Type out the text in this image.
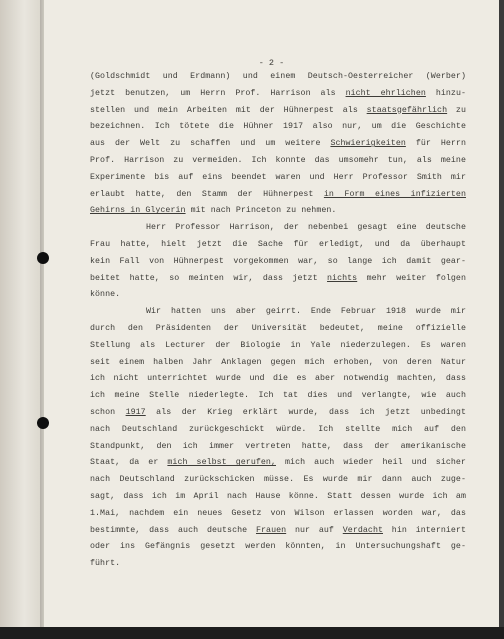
- 2 -
(Goldschmidt und Erdmann) und einem Deutsch-Oesterreicher (Werber)
jetzt benutzen, um Herrn Prof. Harrison als nicht ehrlichen hinzu-
stellen und mein Arbeiten mit der Hühnerpest als staatsgefährlich zu
bezeichnen. Ich tötete die Hühner 1917 also nur, um die Geschichte
aus der Welt zu schaffen und um weitere Schwierigkeiten für Herrn
Prof. Harrison zu vermeiden. Ich konnte das umsomehr tun, als meine
Experimente bis auf eins beendet waren und Herr Professor Smith mir
erlaubt hatte, den Stamm der Hühnerpest in Form eines infizierten
Gehirns in Glycerin mit nach Princeton zu nehmen.
Herr Professor Harrison, der nebenbei gesagt eine deutsche
Frau hatte, hielt jetzt die Sache für erledigt, und da überhaupt
kein Fall von Hühnerpest vorgekommen war, so lange ich damit gear-
beitet hatte, so meinten wir, dass jetzt nichts mehr weiter folgen
könne.
Wir hatten uns aber geirrt. Ende Februar 1918 wurde mir
durch den Präsidenten der Universität bedeutet, meine offizielle
Stellung als Lecturer der Biologie in Yale niederzulegen. Es waren
seit einem halben Jahr Anklagen gegen mich erhoben, von deren Natur
ich nicht unterrichtet wurde und die es aber notwendig machten, dass
ich meine Stelle niederlegte. Ich tat dies und verlangte, wie auch
schon 1917 als der Krieg erklärt wurde, dass ich jetzt unbedingt
nach Deutschland zurückgeschickt würde. Ich stellte mich auf den
Standpunkt, den ich immer vertreten hatte, dass der amerikanische
Staat, da er mich selbst gerufen, mich auch wieder heil und sicher
nach Deutschland zurückschicken müsse. Es wurde mir dann auch zuge-
sagt, dass ich im April nach Hause könne. Statt dessen wurde ich am
1.Mai, nachdem ein neues Gesetz von Wilson erlassen worden war, das
bestimmte, dass auch deutsche Frauen nur auf Verdacht hin interniert
oder ins Gefängnis gesetzt werden könnten, in Untersuchungshaft ge-
führt.
